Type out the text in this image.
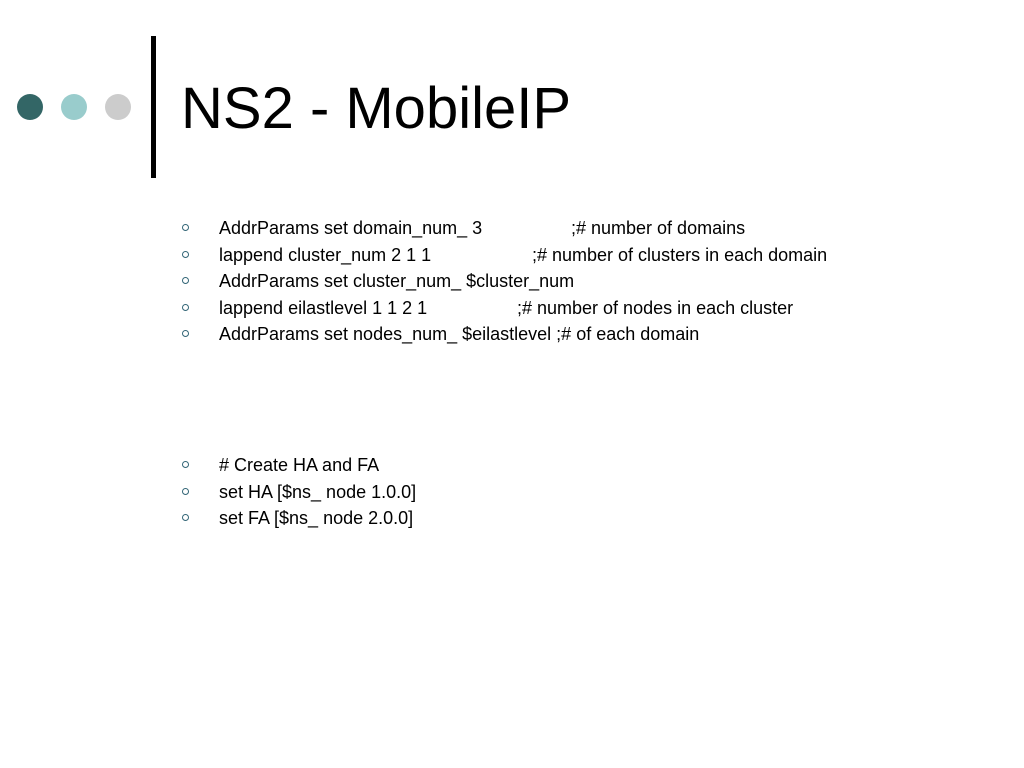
NS2 - MobileIP
AddrParams set domain_num_ 3	;# number of domains
lappend cluster_num 2 1 1	;# number of clusters in each domain
AddrParams set cluster_num_ $cluster_num
lappend eilastlevel 1 1 2 1	;# number of nodes in each cluster
AddrParams set nodes_num_ $eilastlevel ;# of each domain
# Create HA and FA
set HA [$ns_ node 1.0.0]
set FA [$ns_ node 2.0.0]
